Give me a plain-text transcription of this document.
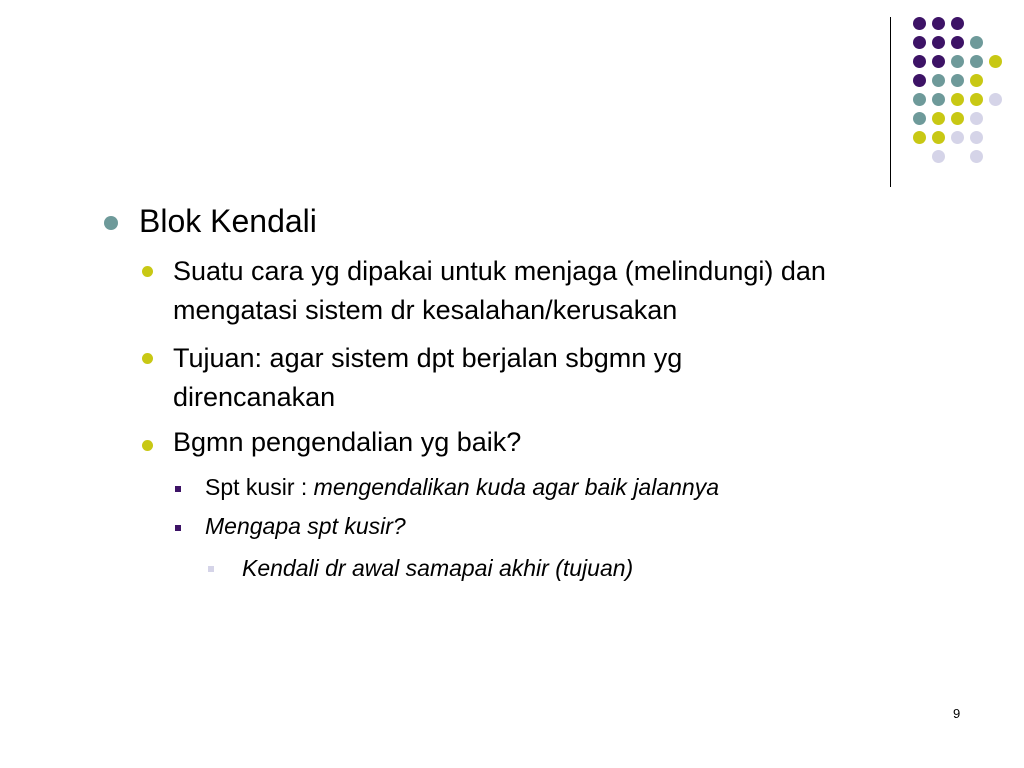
Blok Kendali
Suatu cara yg dipakai untuk menjaga (melindungi) dan
mengatasi sistem dr kesalahan/kerusakan
Tujuan: agar sistem dpt berjalan sbgmn yg
direncanakan
Bgmn pengendalian yg baik?
Spt kusir : mengendalikan kuda agar baik jalannya
Mengapa spt kusir?
Kendali dr awal samapai akhir (tujuan)
9
